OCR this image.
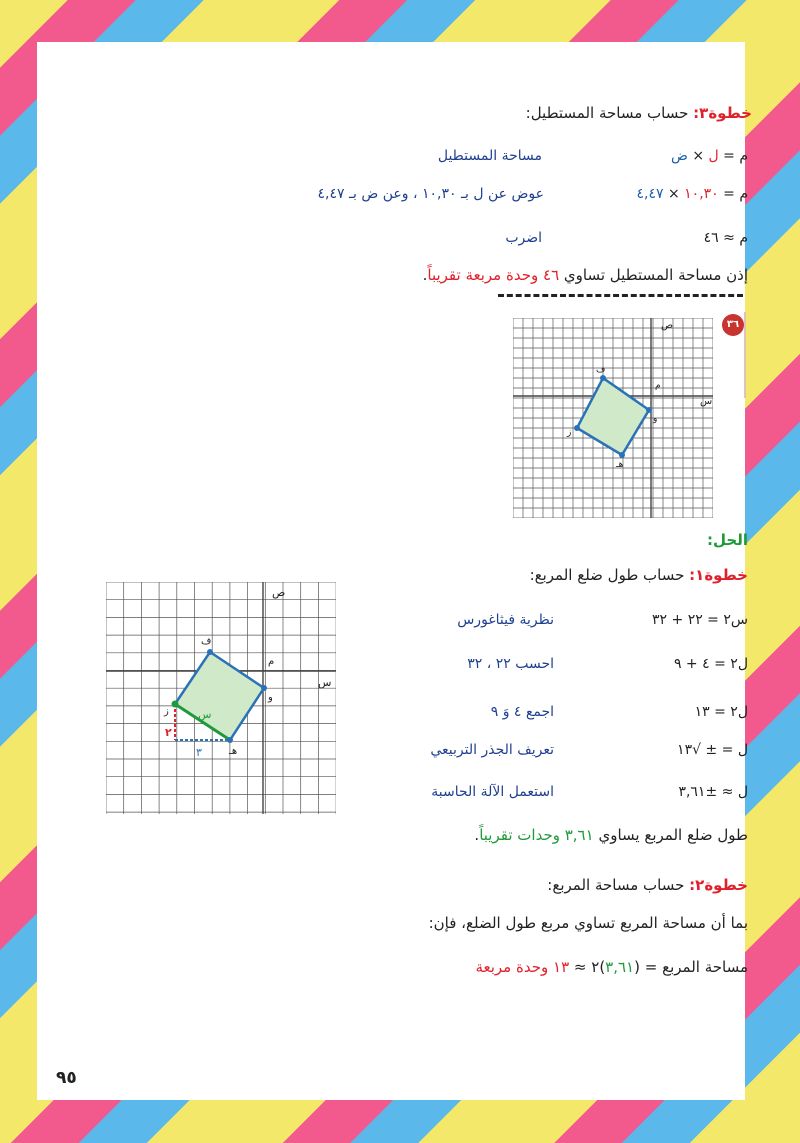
خطوة٣: حساب مساحة المستطيل:
م = ل × ض
مساحة المستطيل
م = ١٠,٣٠ × ٤,٤٧
عوض عن ل بـ ١٠,٣٠ ، وعن ض بـ ٤,٤٧
م ≈ ٤٦
اضرب
إذن مساحة المستطيل تساوي ٤٦ وحدة مربعة تقريباً.
٣٦
ص
س
ف
م
و
ز
هـ
الحل:
خطوة١: حساب طول ضلع المربع:
س٢ = ٢٢ + ٣٢
نظرية فيثاغورس
ل٢ = ٤ + ٩
احسب ٢٢ ، ٣٢
ل٢ = ١٣
اجمع ٤ وَ ٩
ل = ± √١٣
تعريف الجذر التربيعي
ل ≈ ±٣,٦١
استعمل الآلة الحاسبة
طول ضلع المربع يساوي ٣,٦١ وحدات تقريباً.
ص
س
ف
م
و
ز
هـ
س
٢
٣
خطوة٢: حساب مساحة المربع:
بما أن مساحة المربع تساوي مربع طول الضلع، فإن:
مساحة المربع = (٣,٦١)٢ ≈ ١٣ وحدة مربعة
٩٥
